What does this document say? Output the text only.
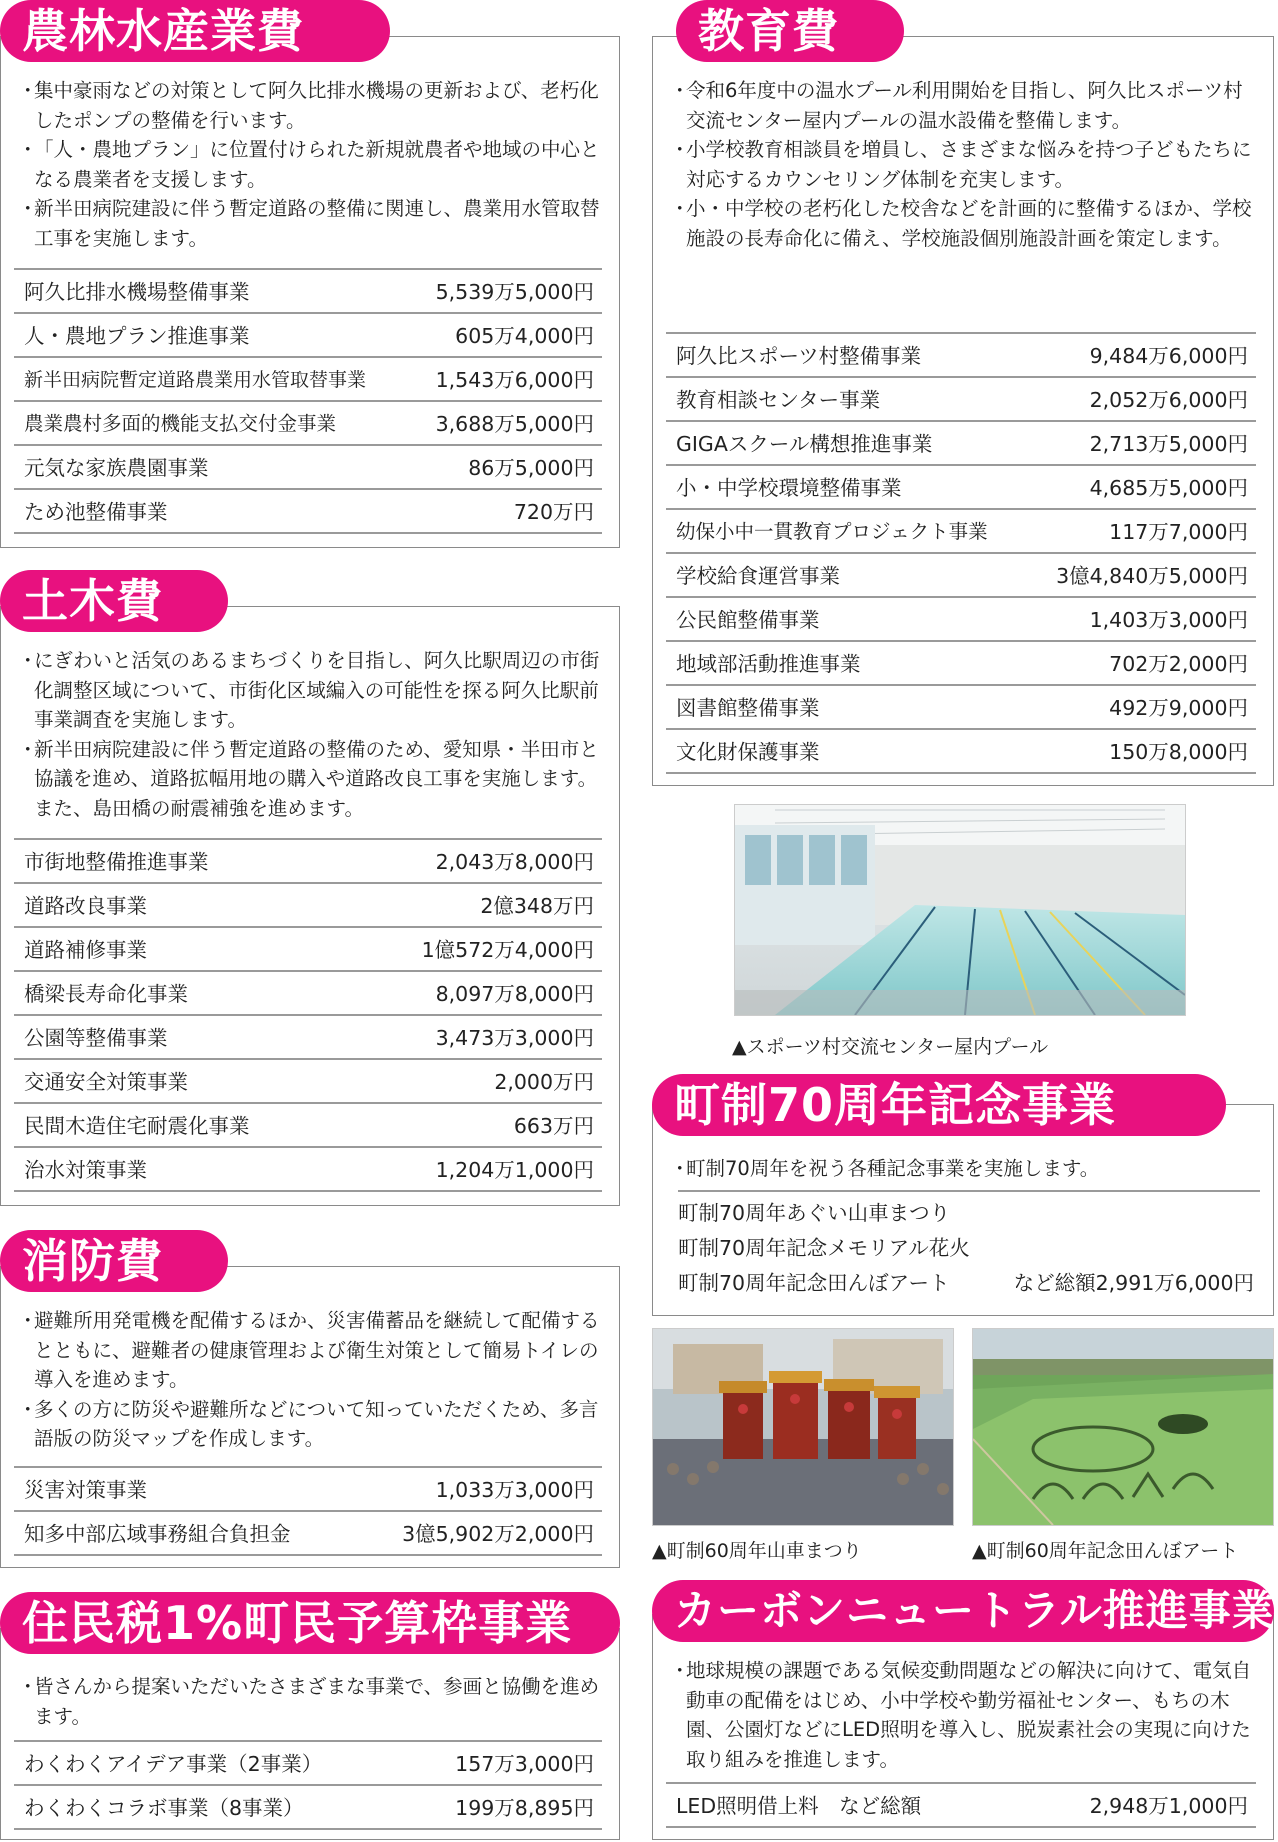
農林水産業費
・ 集中豪雨などの対策として阿久比排水機場の更新および、老朽化したポンプの整備を行います。
・ 「人・農地プラン」に位置付けられた新規就農者や地域の中心となる農業者を支援します。
・ 新半田病院建設に伴う暫定道路の整備に関連し、農業用水管取替工事を実施します。
阿久比排水機場整備事業	5,539万5,000円
人・農地プラン推進事業	605万4,000円
新半田病院暫定道路農業用水管取替事業	1,543万6,000円
農業農村多面的機能支払交付金事業	3,688万5,000円
元気な家族農園事業	86万5,000円
ため池整備事業	720万円
土木費
・ にぎわいと活気のあるまちづくりを目指し、阿久比駅周辺の市街化調整区域について、市街化区域編入の可能性を探る阿久比駅前事業調査を実施します。
・ 新半田病院建設に伴う暫定道路の整備のため、愛知県・半田市と協議を進め、道路拡幅用地の購入や道路改良工事を実施します。また、島田橋の耐震補強を進めます。
市街地整備推進事業	2,043万8,000円
道路改良事業	2億348万円
道路補修事業	1億572万4,000円
橋梁長寿命化事業	8,097万8,000円
公園等整備事業	3,473万3,000円
交通安全対策事業	2,000万円
民間木造住宅耐震化事業	663万円
治水対策事業	1,204万1,000円
消防費
・ 避難所用発電機を配備するほか、災害備蓄品を継続して配備するとともに、避難者の健康管理および衛生対策として簡易トイレの導入を進めます。
・ 多くの方に防災や避難所などについて知っていただくため、多言語版の防災マップを作成します。
災害対策事業	1,033万3,000円
知多中部広域事務組合負担金	3億5,902万2,000円
住民税1%町民予算枠事業
・ 皆さんから提案いただいたさまざまな事業で、参画と協働を進めます。
わくわくアイデア事業（2事業）	157万3,000円
わくわくコラボ事業（8事業）	199万8,895円
教育費
・ 令和6年度中の温水プール利用開始を目指し、阿久比スポーツ村交流センター屋内プールの温水設備を整備します。
・ 小学校教育相談員を増員し、さまざまな悩みを持つ子どもたちに対応するカウンセリング体制を充実します。
・ 小・中学校の老朽化した校舎などを計画的に整備するほか、学校施設の長寿命化に備え、学校施設個別施設計画を策定します。
阿久比スポーツ村整備事業	9,484万6,000円
教育相談センター事業	2,052万6,000円
GIGAスクール構想推進事業	2,713万5,000円
小・中学校環境整備事業	4,685万5,000円
幼保小中一貫教育プロジェクト事業	117万7,000円
学校給食運営事業	3億4,840万5,000円
公民館整備事業	1,403万3,000円
地域部活動推進事業	702万2,000円
図書館整備事業	492万9,000円
文化財保護事業	150万8,000円
▲スポーツ村交流センター屋内プール
町制70周年記念事業
・ 町制70周年を祝う各種記念事業を実施します。
町制70周年あぐい山車まつり
町制70周年記念メモリアル花火
町制70周年記念田んぼアート	など総額2,991万6,000円
▲町制60周年山車まつり	▲町制60周年記念田んぼアート
カーボンニュートラル推進事業
・ 地球規模の課題である気候変動問題などの解決に向けて、電気自動車の配備をはじめ、小中学校や勤労福祉センター、もちの木園、公園灯などにLED照明を導入し、脱炭素社会の実現に向けた取り組みを推進します。
LED照明借上料　など総額	2,948万1,000円
